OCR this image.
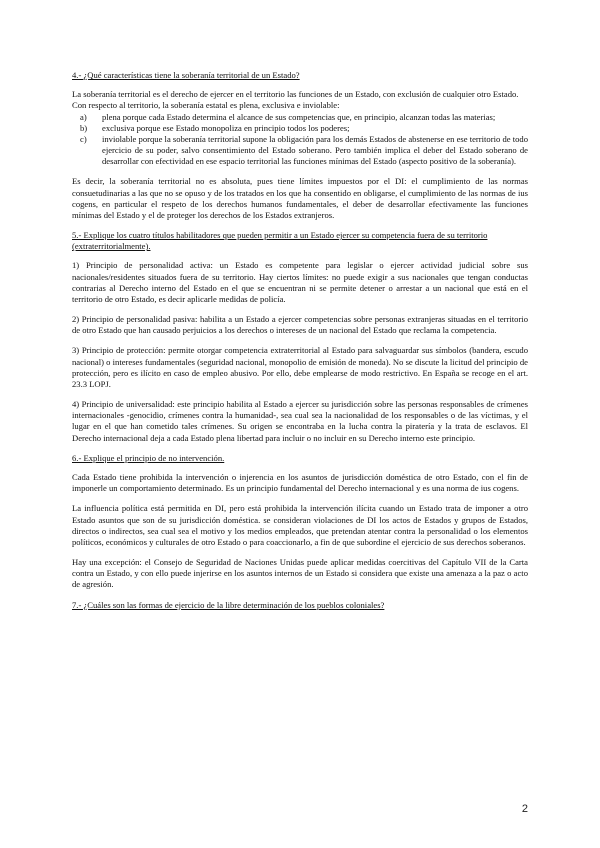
4.- ¿Qué características tiene la soberanía territorial de un Estado?

La soberanía territorial es el derecho de ejercer en el territorio las funciones de un Estado, con exclusión de cualquier otro Estado.

Con respecto al territorio, la soberanía estatal es plena, exclusiva e inviolable:

a)	plena porque cada Estado determina el alcance de sus competencias que, en principio, alcanzan todas las materias;
b)	exclusiva porque ese Estado monopoliza en principio todos los poderes;
c)	inviolable porque la soberanía territorial supone la obligación para los demás Estados de abstenerse en ese territorio de todo ejercicio de su poder, salvo consentimiento del Estado soberano. Pero también implica el deber del Estado soberano de desarrollar con efectividad en ese espacio territorial las funciones mínimas del Estado (aspecto positivo de la soberanía).

Es decir, la soberanía territorial no es absoluta, pues tiene límites impuestos por el DI: el cumplimiento de las normas consuetudinarias a las que no se opuso y de los tratados en los que ha consentido en obligarse, el cumplimiento de las normas de ius cogens, en particular el respeto de los derechos humanos fundamentales, el deber de desarrollar efectivamente las funciones mínimas del Estado y el de proteger los derechos de los Estados extranjeros.

5.- Explique los cuatro títulos habilitadores que pueden permitir a un Estado ejercer su competencia fuera de su territorio (extraterritorialmente).

1) Principio de personalidad activa: un Estado es competente para legislar o ejercer actividad judicial sobre sus nacionales/residentes situados fuera de su territorio. Hay ciertos límites: no puede exigir a sus nacionales que tengan conductas contrarias al Derecho interno del Estado en el que se encuentran ni se permite detener o arrestar a un nacional que está en el territorio de otro Estado, es decir aplicarle medidas de policía.

2) Principio de personalidad pasiva: habilita a un Estado a ejercer competencias sobre personas extranjeras situadas en el territorio de otro Estado que han causado perjuicios a los derechos o intereses de un nacional del Estado que reclama la competencia.

3) Principio de protección: permite otorgar competencia extraterritorial al Estado para salvaguardar sus símbolos (bandera, escudo nacional) o intereses fundamentales (seguridad nacional, monopolio de emisión de moneda). No se discute la licitud del principio de protección, pero es ilícito en caso de empleo abusivo. Por ello, debe emplearse de modo restrictivo. En España se recoge en el art. 23.3 LOPJ.

4) Principio de universalidad: este principio habilita al Estado a ejercer su jurisdicción sobre las personas responsables de crímenes internacionales -genocidio, crímenes contra la humanidad-, sea cual sea la nacionalidad de los responsables o de las víctimas, y el lugar en el que han cometido tales crímenes. Su origen se encontraba en la lucha contra la piratería y la trata de esclavos. El Derecho internacional deja a cada Estado plena libertad para incluir o no incluir en su Derecho interno este principio.

6.- Explique el principio de no intervención.

Cada Estado tiene prohibida la intervención o injerencia en los asuntos de jurisdicción doméstica de otro Estado, con el fin de imponerle un comportamiento determinado. Es un principio fundamental del Derecho internacional y es una norma de ius cogens.

La influencia política está permitida en DI, pero está prohibida la intervención ilícita cuando un Estado trata de imponer a otro Estado asuntos que son de su jurisdicción doméstica. se consideran violaciones de DI los actos de Estados y grupos de Estados, directos o indirectos, sea cual sea el motivo y los medios empleados, que pretendan atentar contra la personalidad o los elementos políticos, económicos y culturales de otro Estado o para coaccionarlo, a fin de que subordine el ejercicio de sus derechos soberanos.

Hay una excepción: el Consejo de Seguridad de Naciones Unidas puede aplicar medidas coercitivas del Capítulo VII de la Carta contra un Estado, y con ello puede injerirse en los asuntos internos de un Estado si considera que existe una amenaza a la paz o acto de agresión.

7.- ¿Cuáles son las formas de ejercicio de la libre determinación de los pueblos coloniales?
2
